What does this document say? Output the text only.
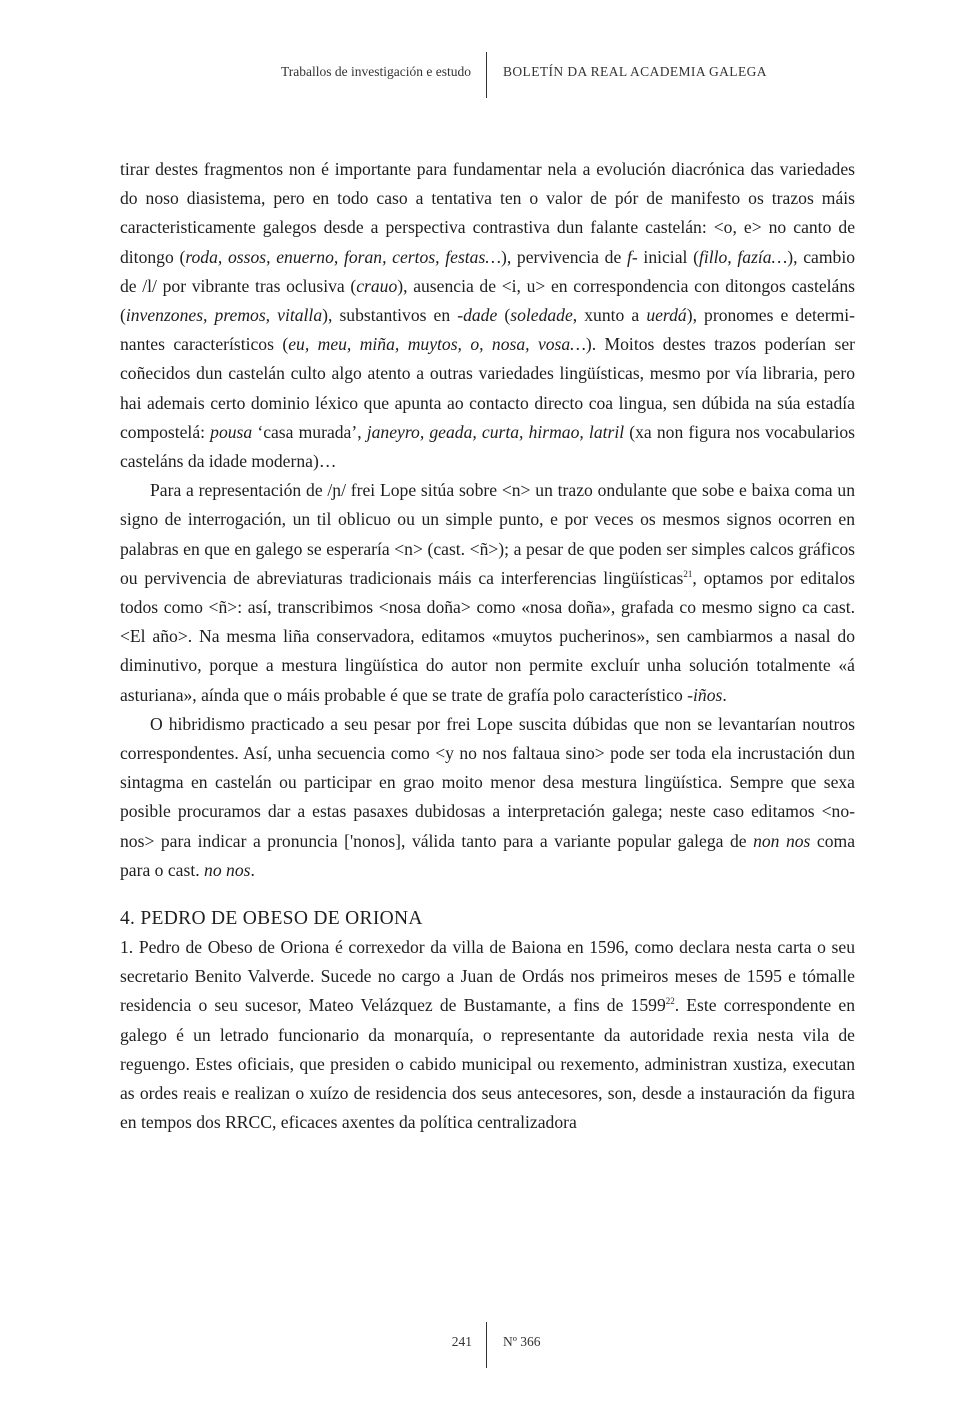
Traballos de investigación e estudo BOLETÍN DA REAL ACADEMIA GALEGA

tirar destes fragmentos non é importante para fundamentar nela a evolución diacrónica das variedades do noso diasistema, pero en todo caso a tentativa ten o valor de pór de manifesto os trazos máis caracteristicamente galegos desde a perspectiva contrastiva dun falante castelán: <o, e> no canto de ditongo (roda, ossos, enuerno, foran, certos, festas…), pervivencia de f- inicial (fillo, fazía…), cambio de /l/ por vibrante tras oclusiva (crauo), ausencia de <i, u> en correspondencia con ditongos casteláns (invenzones, premos, vitalla), substantivos en -dade (soledade, xunto a uerdá), pronomes e determinantes característicos (eu, meu, miña, muytos, o, nosa, vosa…). Moitos destes trazos poderían ser coñecidos dun castelán culto algo atento a outras variedades lingüísticas, mesmo por vía libraria, pero hai ademais certo dominio léxico que apunta ao contacto directo coa lingua, sen dúbida na súa estadía compostelá: pousa ‘casa murada’, janeyro, geada, curta, hirmao, latril (xa non figura nos vocabularios casteláns da idade moderna)…

Para a representación de /ɲ/ frei Lope sitúa sobre <n> un trazo ondulante que sobe e baixa coma un signo de interrogación, un til oblicuo ou un simple punto, e por veces os mesmos signos ocorren en palabras en que en galego se esperaría <n> (cast. <ñ>); a pesar de que poden ser simples calcos gráficos ou pervivencia de abreviaturas tradicionais máis ca interferencias lingüísticas$^{21}$, optamos por editalos todos como <ñ>: así, transcribimos <nosa doña> como «nosa doña», grafada co mesmo signo ca cast. <El año>. Na mesma liña conservadora, editamos «muytos pucherinos», sen cambiarmos a nasal do diminutivo, porque a mestura lingüística do autor non permite excluír unha solución totalmente «á asturiana», aínda que o máis probable é que se trate de grafía polo característico -iños.

O hibridismo practicado a seu pesar por frei Lope suscita dúbidas que non se levantarían noutros correspondentes. Así, unha secuencia como <y no nos faltaua sino> pode ser toda ela incrustación dun sintagma en castelán ou participar en grao moito menor desa mestura lingüística. Sempre que sexa posible procuramos dar a estas pasaxes dubidosas a interpretación galega; neste caso editamos <no-nos> para indicar a pronuncia ['nonos], válida tanto para a variante popular galega de non nos coma para o cast. no nos.

4. PEDRO DE OBESO DE ORIONA

1. Pedro de Obeso de Oriona é correxedor da villa de Baiona en 1596, como declara nesta carta o seu secretario Benito Valverde. Sucede no cargo a Juan de Ordás nos primeiros meses de 1595 e tómalle residencia o seu sucesor, Mateo Velázquez de Bustamante, a fins de 1599$^{22}$. Este correspondente en galego é un letrado funcionario da monarquía, o representante da autoridade rexia nesta vila de reguengo. Estes oficiais, que presiden o cabido municipal ou rexemento, administran xustiza, executan as ordes reais e realizan o xuízo de residencia dos seus antecesores, son, desde a instauración da figura en tempos dos RRCC, eficaces axentes da política centralizadora

241 Nº 366
